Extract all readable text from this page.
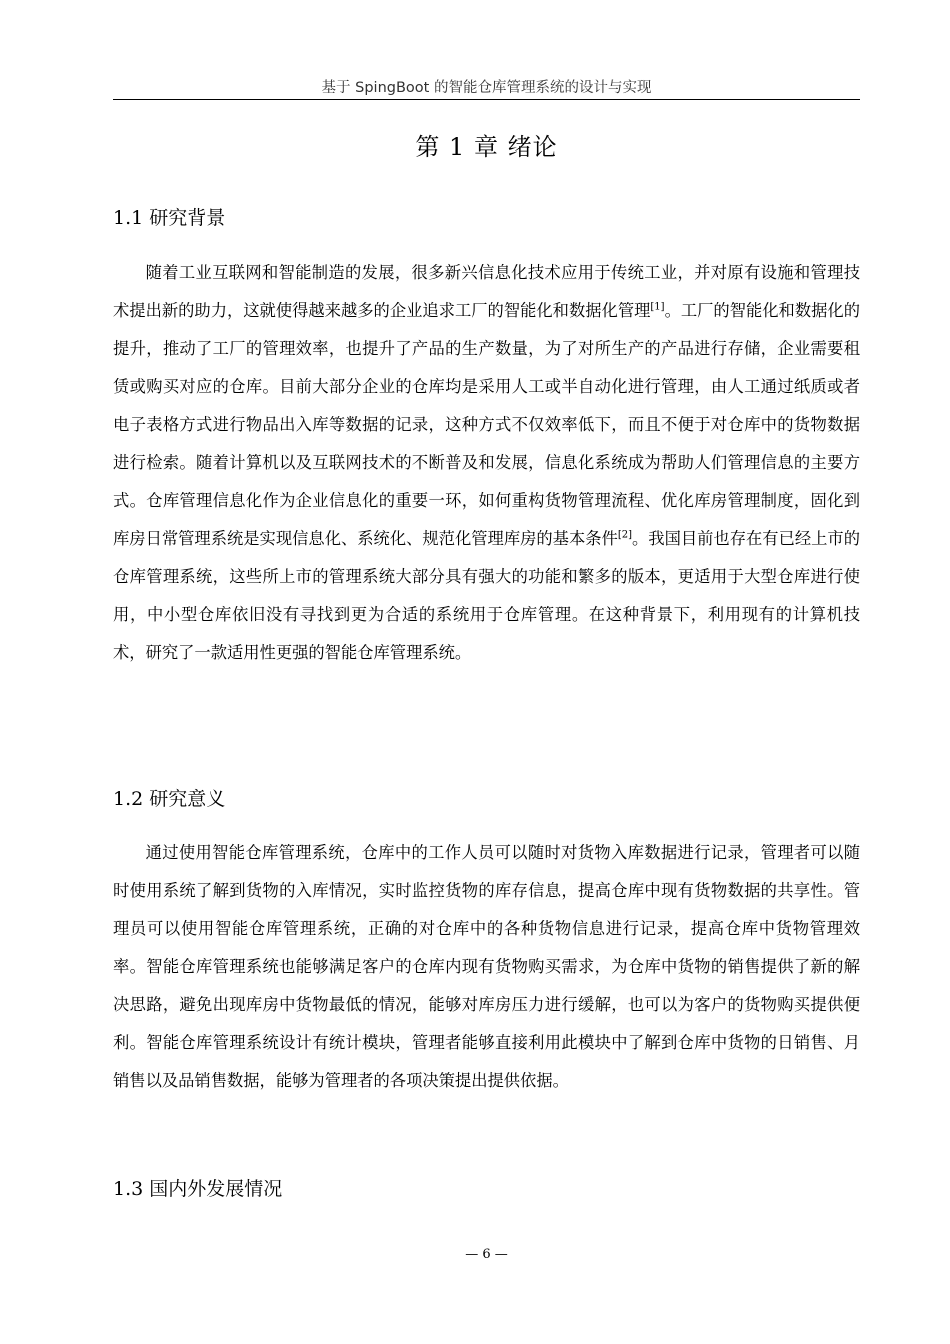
基于 SpingBoot 的智能仓库管理系统的设计与实现
第 1 章 绪论
1.1 研究背景

随着工业互联网和智能制造的发展，很多新兴信息化技术应用于传统工业，并对原有设施和管理技术提出新的助力，这就使得越来越多的企业追求工厂的智能化和数据化管理[1]。工厂的智能化和数据化的提升，推动了工厂的管理效率，也提升了产品的生产数量，为了对所生产的产品进行存储，企业需要租赁或购买对应的仓库。目前大部分企业的仓库均是采用人工或半自动化进行管理，由人工通过纸质或者电子表格方式进行物品出入库等数据的记录，这种方式不仅效率低下，而且不便于对仓库中的货物数据进行检索。随着计算机以及互联网技术的不断普及和发展，信息化系统成为帮助人们管理信息的主要方式。仓库管理信息化作为企业信息化的重要一环，如何重构货物管理流程、优化库房管理制度，固化到库房日常管理系统是实现信息化、系统化、规范化管理库房的基本条件[2]。我国目前也存在有已经上市的仓库管理系统，这些所上市的管理系统大部分具有强大的功能和繁多的版本，更适用于大型仓库进行使用，中小型仓库依旧没有寻找到更为合适的系统用于仓库管理。在这种背景下，利用现有的计算机技术，研究了一款适用性更强的智能仓库管理系统。

1.2 研究意义

通过使用智能仓库管理系统，仓库中的工作人员可以随时对货物入库数据进行记录，管理者可以随时使用系统了解到货物的入库情况，实时监控货物的库存信息，提高仓库中现有货物数据的共享性。管理员可以使用智能仓库管理系统，正确的对仓库中的各种货物信息进行记录，提高仓库中货物管理效率。智能仓库管理系统也能够满足客户的仓库内现有货物购买需求，为仓库中货物的销售提供了新的解决思路，避免出现库房中货物最低的情况，能够对库房压力进行缓解，也可以为客户的货物购买提供便利。智能仓库管理系统设计有统计模块，管理者能够直接利用此模块中了解到仓库中货物的日销售、月销售以及品销售数据，能够为管理者的各项决策提出提供依据。

1.3 国内外发展情况
— 6 —
